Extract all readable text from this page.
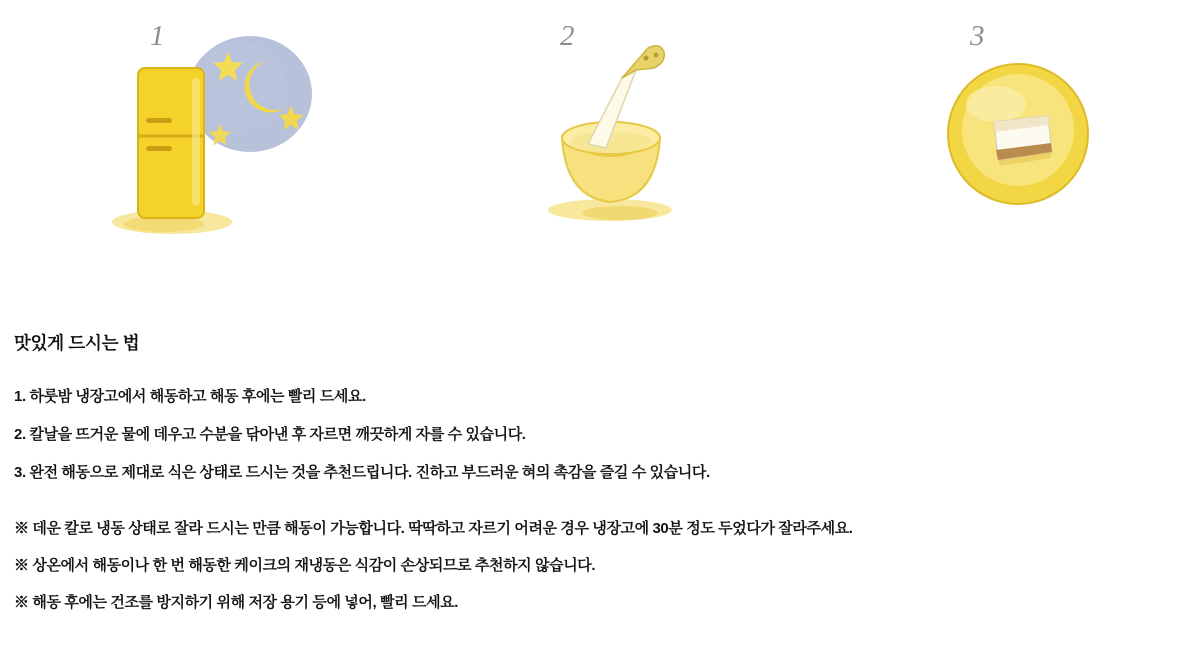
1	2	3
맛있게 드시는 법

1. 하룻밤 냉장고에서 해동하고 해동 후에는 빨리 드세요.

2. 칼날을 뜨거운 물에 데우고 수분을 닦아낸 후 자르면 깨끗하게 자를 수 있습니다.

3. 완전 해동으로 제대로 식은 상태로 드시는 것을 추천드립니다. 진하고 부드러운 혀의 촉감을 즐길 수 있습니다.

※ 데운 칼로 냉동 상태로 잘라 드시는 만큼 해동이 가능합니다. 딱딱하고 자르기 어려운 경우 냉장고에 30분 정도 두었다가 잘라주세요.

※ 상온에서 해동이나 한 번 해동한 케이크의 재냉동은 식감이 손상되므로 추천하지 않습니다.

※ 해동 후에는 건조를 방지하기 위해 저장 용기 등에 넣어, 빨리 드세요.
